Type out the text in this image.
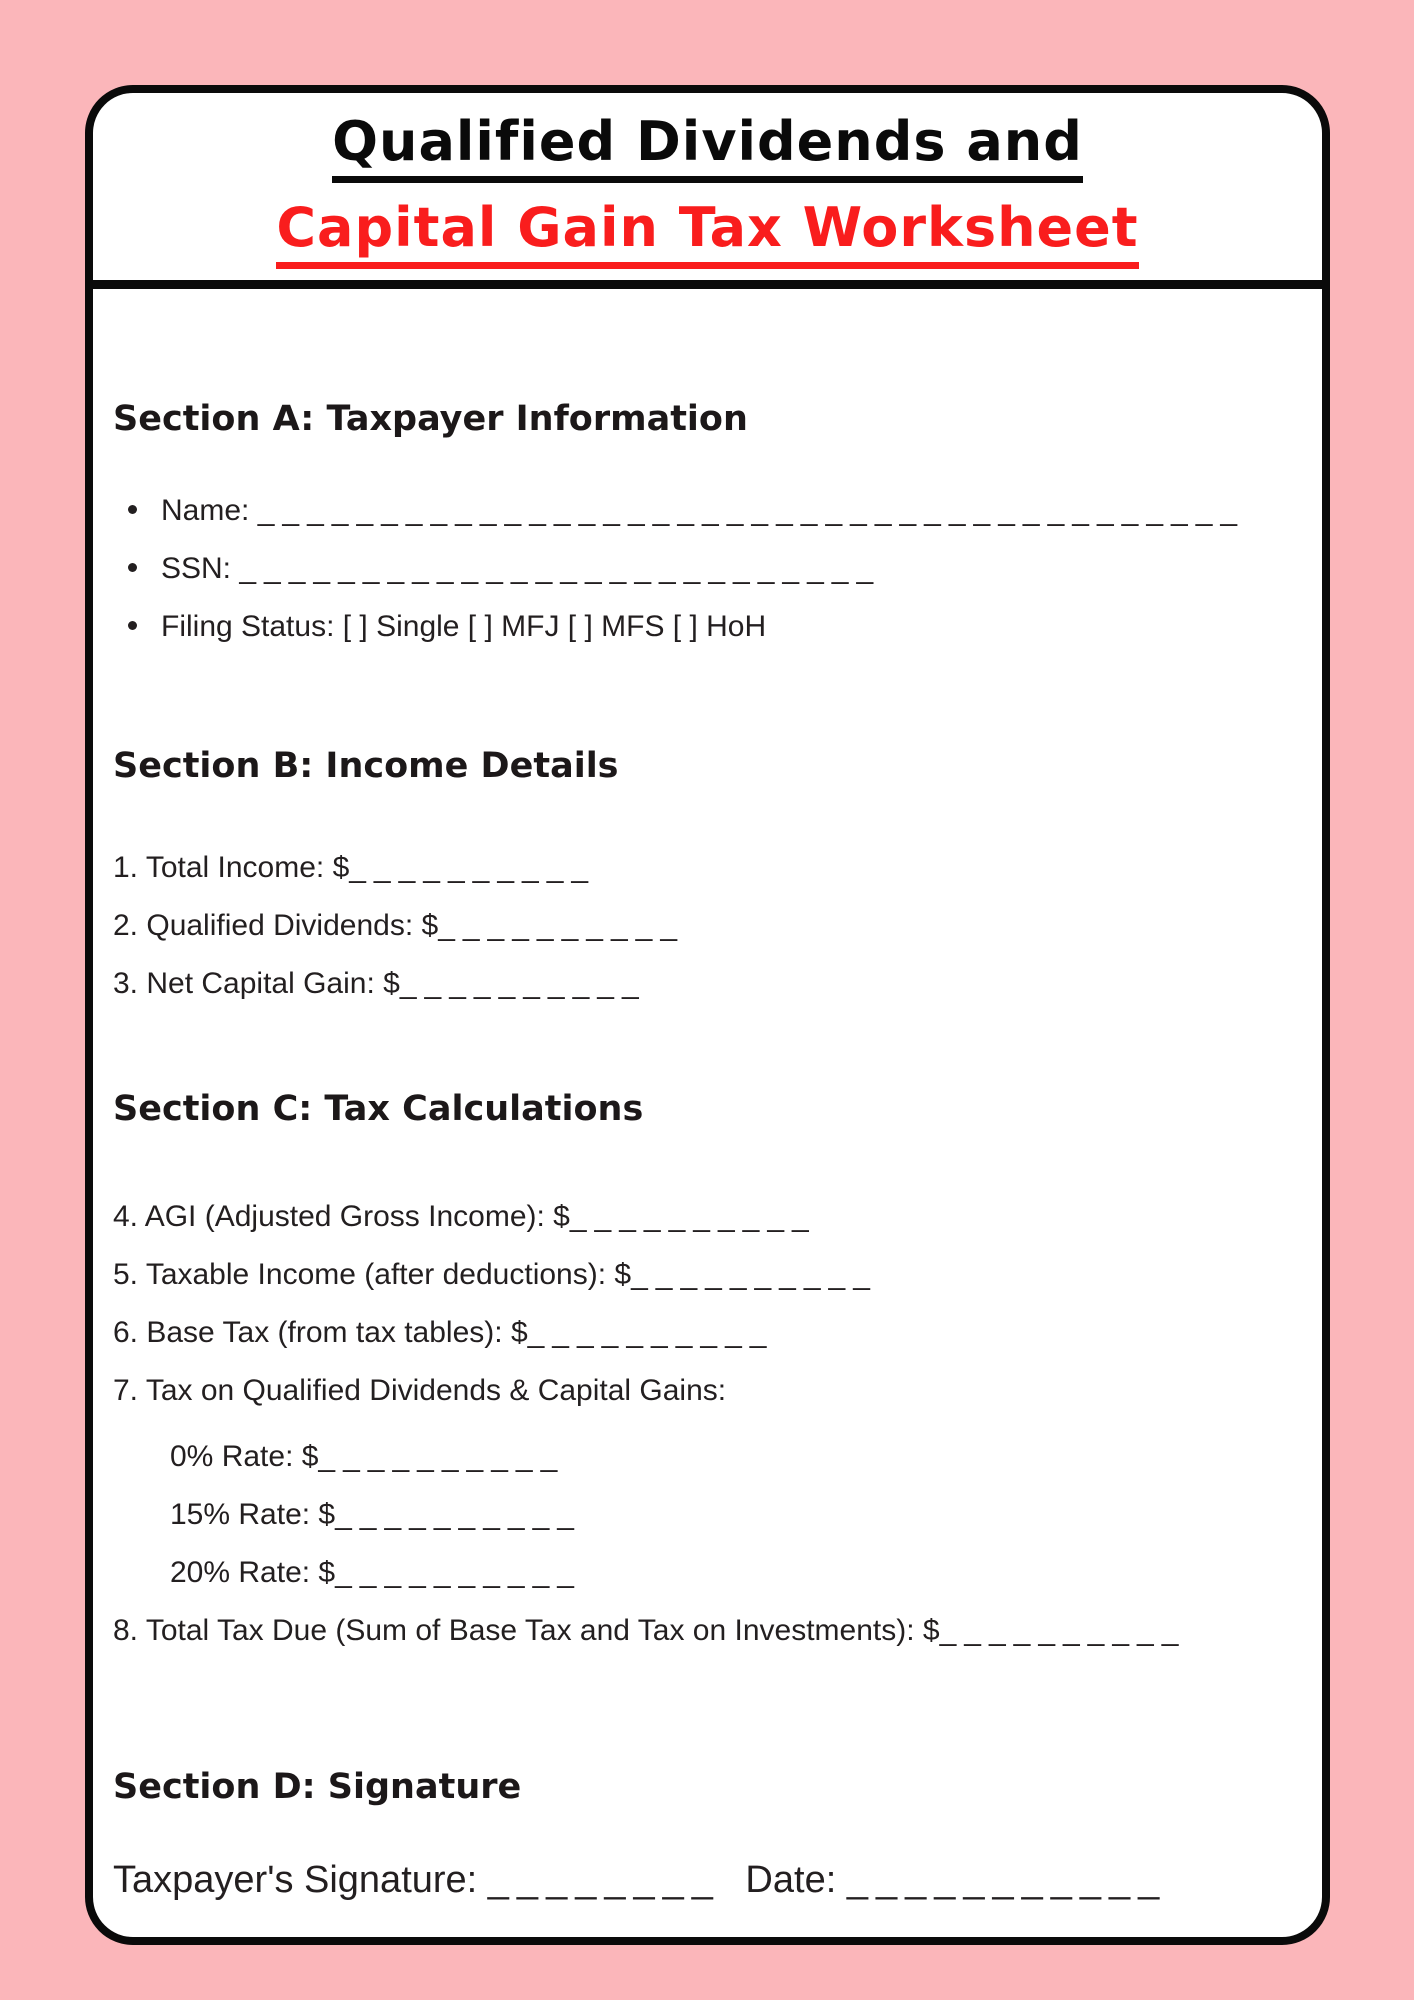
Qualified Dividends and
Capital Gain Tax Worksheet
Section A: Taxpayer Information
Name: ________________________________________
SSN: __________________________
Filing Status: [ ] Single [ ] MFJ [ ] MFS [ ] HoH
Section B: Income Details
1. Total Income: $__________
2. Qualified Dividends: $__________
3. Net Capital Gain: $__________
Section C: Tax Calculations
4. AGI (Adjusted Gross Income): $__________
5. Taxable Income (after deductions): $__________
6. Base Tax (from tax tables): $__________
7. Tax on Qualified Dividends & Capital Gains:
0% Rate: $__________
15% Rate: $__________
20% Rate: $__________
8. Total Tax Due (Sum of Base Tax and Tax on Investments): $__________
Section D: Signature
Taxpayer's Signature: ________ Date: ___________
